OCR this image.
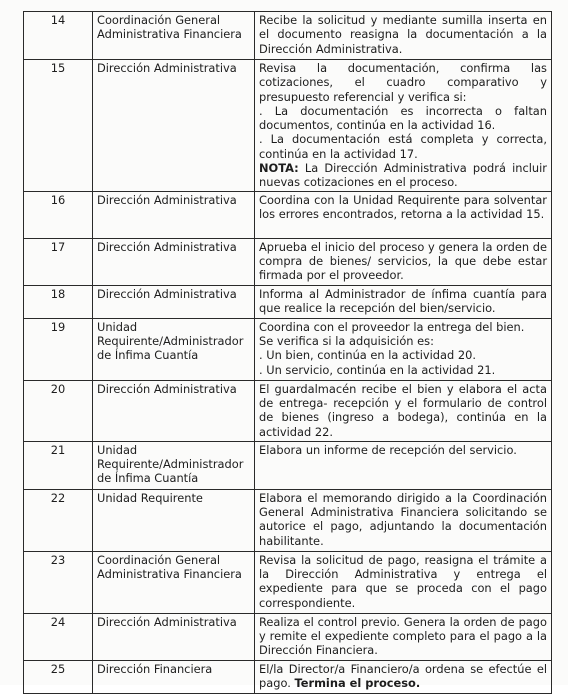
14	Coordinación General Administrativa Financiera	Recibe la solicitud y mediante sumilla inserta en el documento reasigna la documentación a la Dirección Administrativa.

15	Dirección Administrativa	Revisa la documentación, confirma las cotizaciones, el cuadro comparativo y presupuesto referencial y verifica si:
. La documentación es incorrecta o faltan documentos, continúa en la actividad 16.
. La documentación está completa y correcta, continúa en la actividad 17.
NOTA: La Dirección Administrativa podrá incluir nuevas cotizaciones en el proceso.

16	Dirección Administrativa	Coordina con la Unidad Requirente para solventar los errores encontrados, retorna a la actividad 15.

17	Dirección Administrativa	Aprueba el inicio del proceso y genera la orden de compra de bienes/ servicios, la que debe estar firmada por el proveedor.

18	Dirección Administrativa	Informa al Administrador de ínfima cuantía para que realice la recepción del bien/servicio.

19	Unidad Requirente/Administrador de Ínfima Cuantía	Coordina con el proveedor la entrega del bien.
Se verifica si la adquisición es:
. Un bien, continúa en la actividad 20.
. Un servicio, continúa en la actividad 21.

20	Dirección Administrativa	El guardalmacén recibe el bien y elabora el acta de entrega- recepción y el formulario de control de bienes (ingreso a bodega), continúa en la actividad 22.

21	Unidad Requirente/Administrador de Ínfima Cuantía	Elabora un informe de recepción del servicio.

22	Unidad Requirente	Elabora el memorando dirigido a la Coordinación General Administrativa Financiera solicitando se autorice el pago, adjuntando la documentación habilitante.

23	Coordinación General Administrativa Financiera	Revisa la solicitud de pago, reasigna el trámite a la Dirección Administrativa y entrega el expediente para que se proceda con el pago correspondiente.

24	Dirección Administrativa	Realiza el control previo. Genera la orden de pago y remite el expediente completo para el pago a la Dirección Financiera.

25	Dirección Financiera	El/la Director/a Financiero/a ordena se efectúe el pago. Termina el proceso.
